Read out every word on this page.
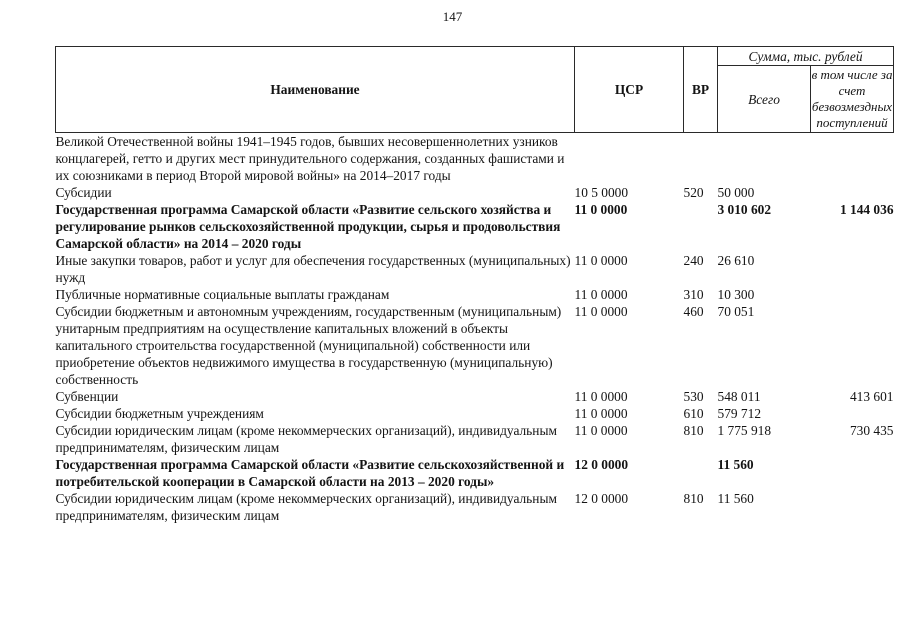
147
Наименование	ЦСР	ВР	Сумма, тыс. рублей	
			Всего	в том числе за счет безвозмездных поступлений
Великой Отечественной войны 1941–1945 годов, бывших несовершеннолетних узников концлагерей, гетто и других мест принудительного содержания, созданных фашистами и их союзниками в период Второй мировой войны» на 2014–2017 годы				
Субсидии	10 5 0000	520	50 000	
Государственная программа Самарской области «Развитие сельского хозяйства и регулирование рынков сельскохозяйственной продукции, сырья и продовольствия Самарской области» на 2014 – 2020 годы	11 0 0000		3 010 602	1 144 036
Иные закупки товаров, работ и услуг для обеспечения государственных (муниципальных) нужд	11 0 0000	240	26 610	
Публичные нормативные социальные выплаты гражданам	11 0 0000	310	10 300	
Субсидии бюджетным и автономным учреждениям, государственным (муниципальным) унитарным предприятиям на осуществление капитальных вложений в объекты капитального строительства государственной (муниципальной) собственности или приобретение объектов недвижимого имущества в государственную (муниципальную) собственность	11 0 0000	460	70 051	
Субвенции	11 0 0000	530	548 011	413 601
Субсидии бюджетным учреждениям	11 0 0000	610	579 712	
Субсидии юридическим лицам (кроме некоммерческих организаций), индивидуальным предпринимателям, физическим лицам	11 0 0000	810	1 775 918	730 435
Государственная программа Самарской области «Развитие сельскохозяйственной и потребительской кооперации в Самарской области на 2013 – 2020 годы»	12 0 0000		11 560	
Субсидии юридическим лицам (кроме некоммерческих организаций), индивидуальным предпринимателям, физическим лицам	12 0 0000	810	11 560	
